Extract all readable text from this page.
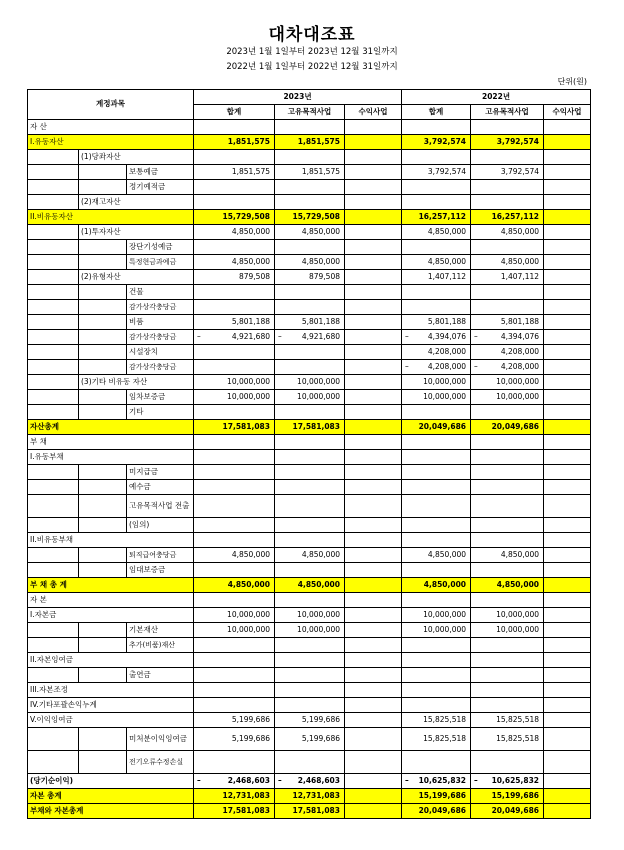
대차대조표
2023년 1월 1일부터 2023년 12월 31일까지
2022년 1월 1일부터 2022년 12월 31일까지
단위(원)
계정과목			2023년			2022년		
			합계	고유목적사업	수익사업	합계	고유목적사업	수익사업
자 산								
I.유동자산			1,851,575	1,851,575		3,792,574	3,792,574	
	(1)당좌자산							
		보통예금	1,851,575	1,851,575		3,792,574	3,792,574	
		정기예적금						
	(2)재고자산							
II.비유동자산			15,729,508	15,729,508		16,257,112	16,257,112	
	(1)투자자산		4,850,000	4,850,000		4,850,000	4,850,000	
		장단기성예금						
		특정현금과예금	4,850,000	4,850,000		4,850,000	4,850,000	
	(2)유형자산		879,508	879,508		1,407,112	1,407,112	
		건물						
		감가상각충당금						
		비품	5,801,188	5,801,188		5,801,188	5,801,188	
		감가상각충당금	– 4,921,680	– 4,921,680		– 4,394,076	– 4,394,076	
		시설장치				4,208,000	4,208,000	
		감가상각충당금				– 4,208,000	– 4,208,000	
	(3)기타 비유동 자산		10,000,000	10,000,000		10,000,000	10,000,000	
		임차보증금	10,000,000	10,000,000		10,000,000	10,000,000	
		기타						
자산총계			17,581,083	17,581,083		20,049,686	20,049,686	
부 채								
I.유동부채								
		미지급금						
		예수금						
		고유목적사업 전출						
		(임의)						
II.비유동부채								
		퇴직급여충당금	4,850,000	4,850,000		4,850,000	4,850,000	
		임대보증금						
부 채 총 계			4,850,000	4,850,000		4,850,000	4,850,000	
자 본								
I.자본금			10,000,000	10,000,000		10,000,000	10,000,000	
		기본재산	10,000,000	10,000,000		10,000,000	10,000,000	
		추가(비품)재산						
II.자본잉여금								
		출연금						
III.자본조정								
IV.기타포괄손익누계								
V.이익잉여금			5,199,686	5,199,686		15,825,518	15,825,518	
		미처분이익잉여금	5,199,686	5,199,686		15,825,518	15,825,518	
		전기오류수정손실						
(당기순이익)			– 2,468,603	– 2,468,603		– 10,625,832	– 10,625,832	
자본 총계			12,731,083	12,731,083		15,199,686	15,199,686	
부채와 자본총계			17,581,083	17,581,083		20,049,686	20,049,686	
